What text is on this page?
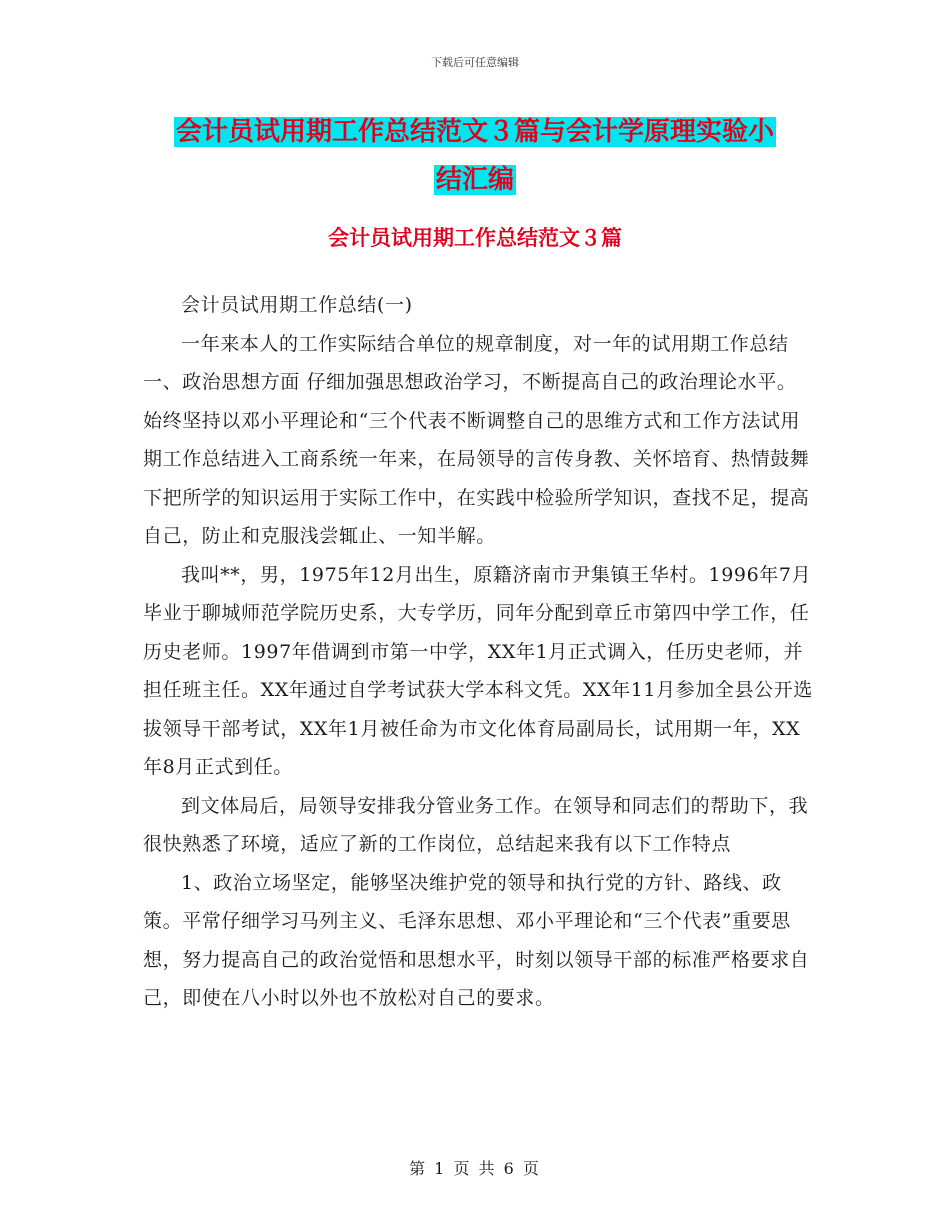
下载后可任意编辑
会计员试用期工作总结范文３篇与会计学原理实验小
结汇编
会计员试用期工作总结范文３篇

会计员试用期工作总结(一)

一年来本人的工作实际结合单位的规章制度，对一年的试用期工作总结一、政治思想方面 仔细加强思想政治学习，不断提高自己的政治理论水平。始终坚持以邓小平理论和“三个代表不断调整自己的思维方式和工作方法试用期工作总结进入工商系统一年来，在局领导的言传身教、关怀培育、热情鼓舞下把所学的知识运用于实际工作中，在实践中检验所学知识，查找不足，提高自己，防止和克服浅尝辄止、一知半解。

我叫**，男，1975年12月出生，原籍济南市尹集镇王华村。1996年7月毕业于聊城师范学院历史系，大专学历，同年分配到章丘市第四中学工作，任历史老师。1997年借调到市第一中学，XX年1月正式调入，任历史老师，并担任班主任。XX年通过自学考试获大学本科文凭。XX年11月参加全县公开选拔领导干部考试，XX年1月被任命为市文化体育局副局长，试用期一年，XX年8月正式到任。

到文体局后，局领导安排我分管业务工作。在领导和同志们的帮助下，我很快熟悉了环境，适应了新的工作岗位，总结起来我有以下工作特点

1、政治立场坚定，能够坚决维护党的领导和执行党的方针、路线、政策。平常仔细学习马列主义、毛泽东思想、邓小平理论和“三个代表”重要思想，努力提高自己的政治觉悟和思想水平，时刻以领导干部的标准严格要求自己，即使在八小时以外也不放松对自己的要求。

第 1 页 共 6 页
